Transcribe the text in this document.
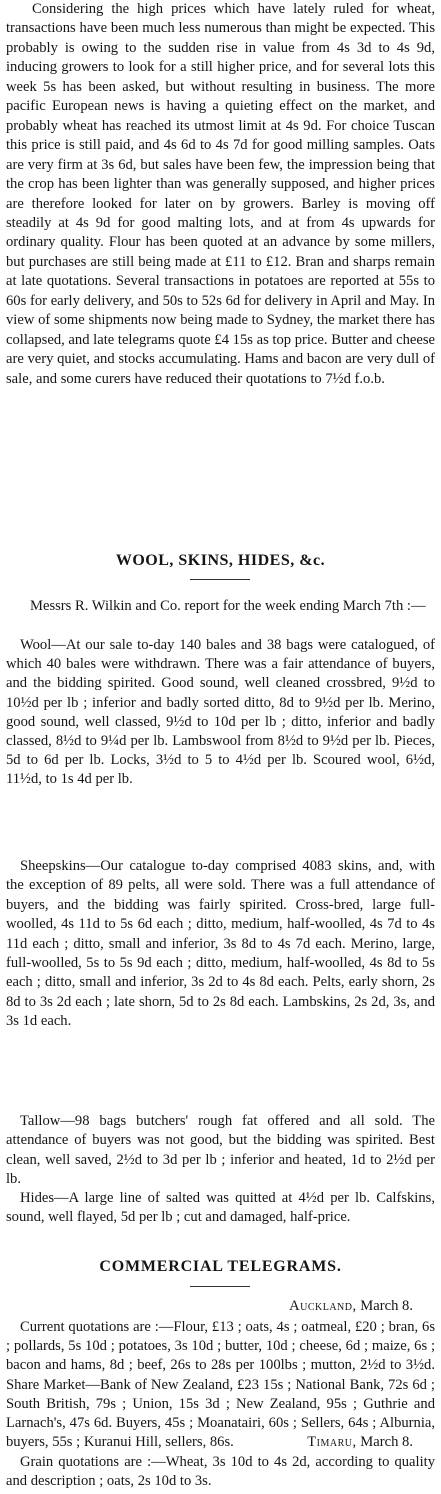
Considering the high prices which have lately ruled for wheat, transactions have been much less numerous than might be expected. This probably is owing to the sudden rise in value from 4s 3d to 4s 9d, inducing growers to look for a still higher price, and for several lots this week 5s has been asked, but without resulting in business. The more pacific European news is having a quieting effect on the market, and probably wheat has reached its utmost limit at 4s 9d. For choice Tuscan this price is still paid, and 4s 6d to 4s 7d for good milling samples. Oats are very firm at 3s 6d, but sales have been few, the impression being that the crop has been lighter than was generally supposed, and higher prices are therefore looked for later on by growers. Barley is moving off steadily at 4s 9d for good malting lots, and at from 4s upwards for ordinary quality. Flour has been quoted at an advance by some millers, but purchases are still being made at £11 to £12. Bran and sharps remain at late quotations. Several transactions in potatoes are reported at 55s to 60s for early delivery, and 50s to 52s 6d for delivery in April and May. In view of some shipments now being made to Sydney, the market there has collapsed, and late telegrams quote £4 15s as top price. Butter and cheese are very quiet, and stocks accumulating. Hams and bacon are very dull of sale, and some curers have reduced their quotations to 7½d f.o.b.

WOOL, SKINS, HIDES, &c.

Messrs R. Wilkin and Co. report for the week ending March 7th :—

Wool—At our sale to-day 140 bales and 38 bags were catalogued, of which 40 bales were withdrawn. There was a fair attendance of buyers, and the bidding spirited. Good sound, well cleaned crossbred, 9½d to 10½d per lb ; inferior and badly sorted ditto, 8d to 9½d per lb. Merino, good sound, well classed, 9½d to 10d per lb ; ditto, inferior and badly classed, 8½d to 9¼d per lb. Lambswool from 8½d to 9½d per lb. Pieces, 5d to 6d per lb. Locks, 3½d to 5 to 4½d per lb. Scoured wool, 6½d, 11½d, to 1s 4d per lb.

Sheepskins—Our catalogue to-day comprised 4083 skins, and, with the exception of 89 pelts, all were sold. There was a full attendance of buyers, and the bidding was fairly spirited. Cross-bred, large full-woolled, 4s 11d to 5s 6d each ; ditto, medium, half-woolled, 4s 7d to 4s 11d each ; ditto, small and inferior, 3s 8d to 4s 7d each. Merino, large, full-woolled, 5s to 5s 9d each ; ditto, medium, half-woolled, 4s 8d to 5s each ; ditto, small and inferior, 3s 2d to 4s 8d each. Pelts, early shorn, 2s 8d to 3s 2d each ; late shorn, 5d to 2s 8d each. Lambskins, 2s 2d, 3s, and 3s 1d each.

Tallow—98 bags butchers' rough fat offered and all sold. The attendance of buyers was not good, but the bidding was spirited. Best clean, well saved, 2½d to 3d per lb ; inferior and heated, 1d to 2½d per lb.

Hides—A large line of salted was quitted at 4½d per lb. Calfskins, sound, well flayed, 5d per lb ; cut and damaged, half-price.

COMMERCIAL TELEGRAMS.

Auckland, March 8.

Current quotations are :—Flour, £13 ; oats, 4s ; oatmeal, £20 ; bran, 6s ; pollards, 5s 10d ; potatoes, 3s 10d ; butter, 10d ; cheese, 6d ; maize, 6s ; bacon and hams, 8d ; beef, 26s to 28s per 100lbs ; mutton, 2½d to 3½d. Share Market—Bank of New Zealand, £23 15s ; National Bank, 72s 6d ; South British, 79s ; Union, 15s 3d ; New Zealand, 95s ; Guthrie and Larnach's, 47s 6d. Buyers, 45s ; Moanatairi, 60s ; Sellers, 64s ; Alburnia, buyers, 55s ; Kuranui Hill, sellers, 86s.	Timaru, March 8.

Grain quotations are :—Wheat, 3s 10d to 4s 2d, according to quality and description ; oats, 2s 10d to 3s.
